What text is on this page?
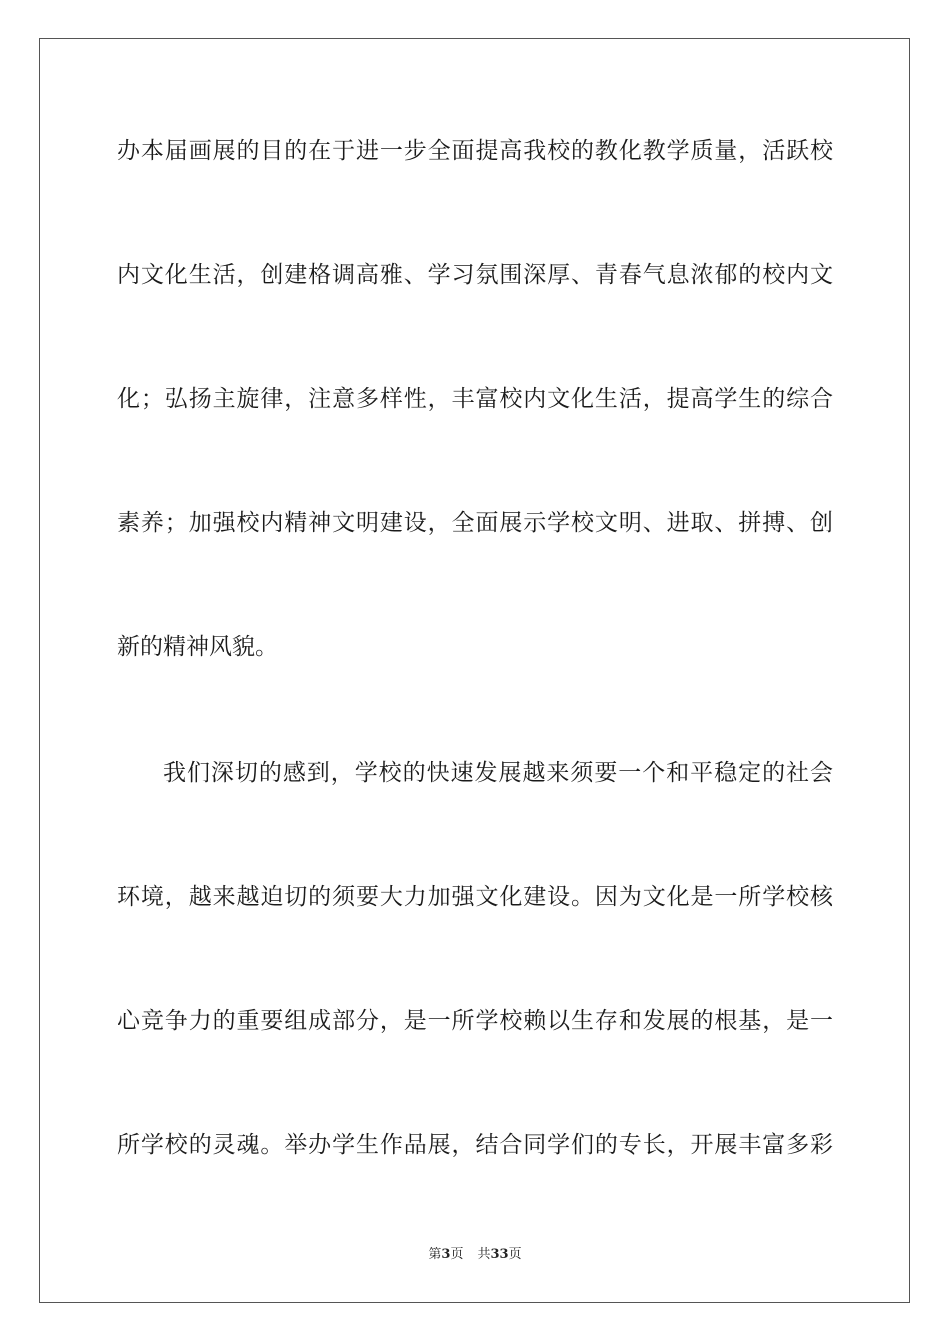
办本届画展的目的在于进一步全面提高我校的教化教学质量，活跃校
内文化生活，创建格调高雅、学习氛围深厚、青春气息浓郁的校内文
化；弘扬主旋律，注意多样性，丰富校内文化生活，提高学生的综合
素养；加强校内精神文明建设，全面展示学校文明、进取、拼搏、创
新的精神风貌。
我们深切的感到，学校的快速发展越来须要一个和平稳定的社会
环境，越来越迫切的须要大力加强文化建设。因为文化是一所学校核
心竞争力的重要组成部分，是一所学校赖以生存和发展的根基，是一
所学校的灵魂。举办学生作品展，结合同学们的专长，开展丰富多彩
第3页 共33页
